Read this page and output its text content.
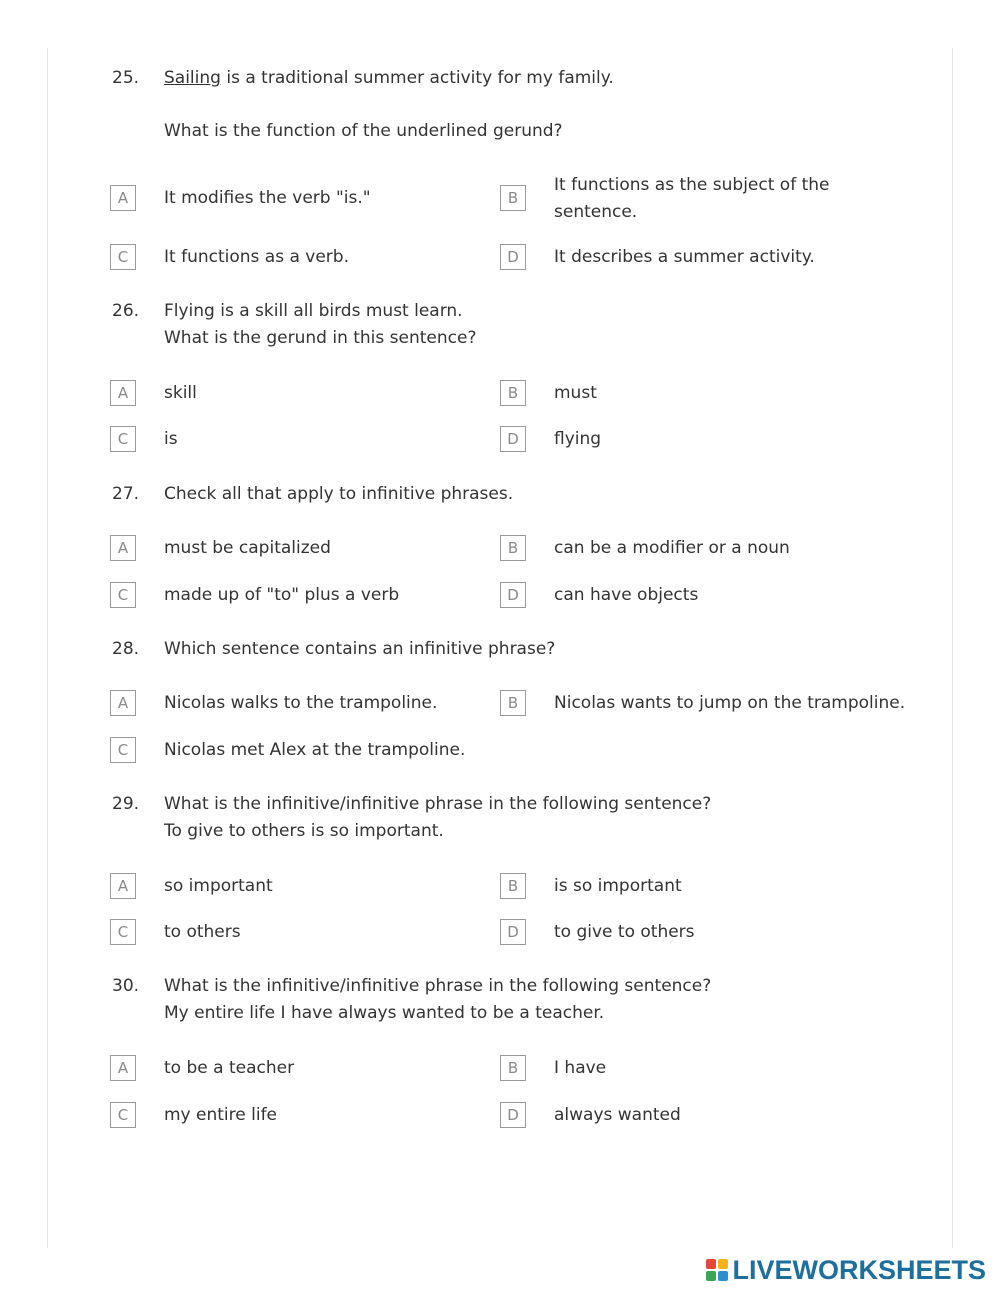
25. Sailing is a traditional summer activity for my family.
What is the function of the underlined gerund?
A	It modifies the verb "is."	B
It functions as the subject of the sentence.
C	It functions as a verb.	D	It describes a summer activity.
26. Flying is a skill all birds must learn.
What is the gerund in this sentence?
A	skill	B	must
C	is	D	flying
27. Check all that apply to infinitive phrases.
A	must be capitalized	B	can be a modifier or a noun
C	made up of "to" plus a verb	D	can have objects
28. Which sentence contains an infinitive phrase?
A	Nicolas walks to the trampoline.	B	Nicolas wants to jump on the trampoline.
C	Nicolas met Alex at the trampoline.
29. What is the infinitive/infinitive phrase in the following sentence?
To give to others is so important.
A	so important	B	is so important
C	to others	D	to give to others
30. What is the infinitive/infinitive phrase in the following sentence?
My entire life I have always wanted to be a teacher.
A	to be a teacher	B	I have
C	my entire life	D	always wanted
LIVEWORKSHEETS
